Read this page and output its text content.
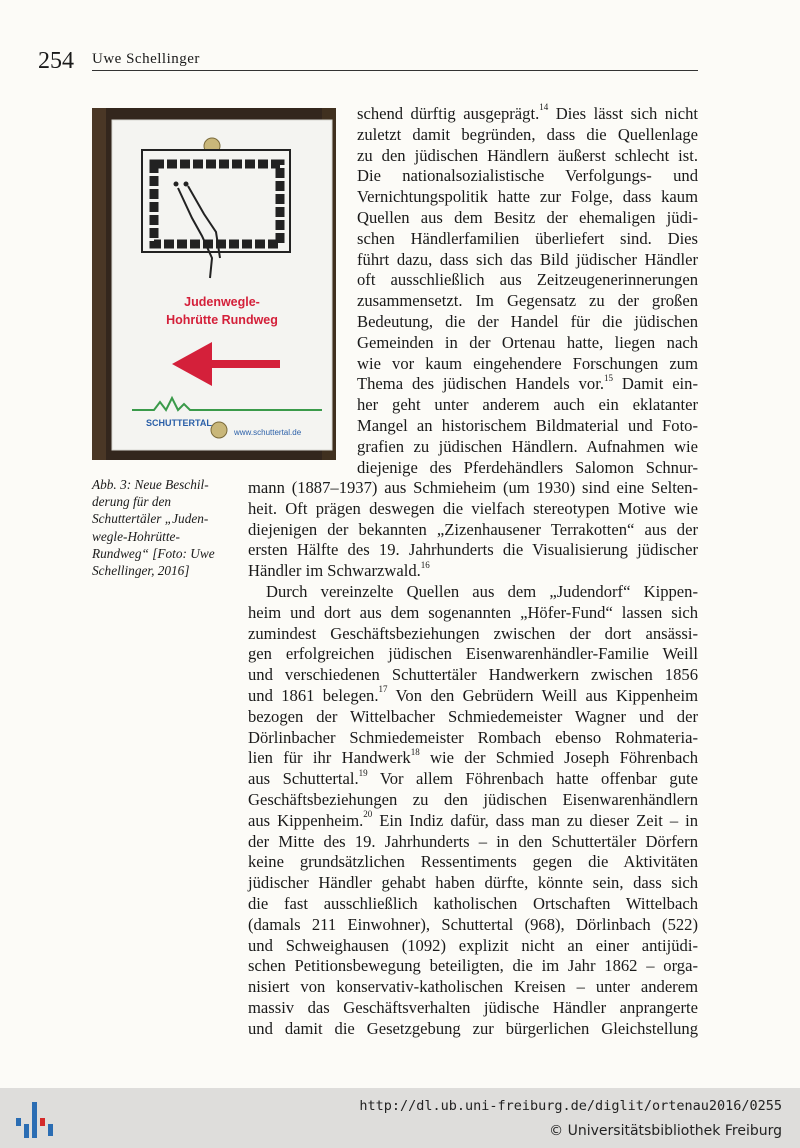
254 Uwe Schellinger
Judenwegle-
Hohrütte Rundweg
SCHUTTERTAL
www.schuttertal.de
Abb. 3: Neue Beschil-
derung für den
Schuttertäler „Juden-
wegle-Hohrütte-
Rundweg“ [Foto: Uwe
Schellinger, 2016]
schend dürftig ausgeprägt.$^{14}$ Dies lässt sich nicht
zuletzt damit begründen, dass die Quellenlage
zu den jüdischen Händlern äußerst schlecht ist.
Die nationalsozialistische Verfolgungs- und
Vernichtungspolitik hatte zur Folge, dass kaum
Quellen aus dem Besitz der ehemaligen jüdi-
schen Händlerfamilien überliefert sind. Dies
führt dazu, dass sich das Bild jüdischer Händler
oft ausschließlich aus Zeitzeugenerinnerungen
zusammensetzt. Im Gegensatz zu der großen
Bedeutung, die der Handel für die jüdischen
Gemeinden in der Ortenau hatte, liegen nach
wie vor kaum eingehendere Forschungen zum
Thema des jüdischen Handels vor.$^{15}$ Damit ein-
her geht unter anderem auch ein eklatanter
Mangel an historischem Bildmaterial und Foto-
grafien zu jüdischen Händlern. Aufnahmen wie
diejenige des Pferdehändlers Salomon Schnur-
mann (1887–1937) aus Schmieheim (um 1930) sind eine Selten-
heit. Oft prägen deswegen die vielfach stereotypen Motive wie
diejenigen der bekannten „Zizenhausener Terrakotten“ aus der
ersten Hälfte des 19. Jahrhunderts die Visualisierung jüdischer
Händler im Schwarzwald.$^{16}$
Durch vereinzelte Quellen aus dem „Judendorf“ Kippen-
heim und dort aus dem sogenannten „Höfer-Fund“ lassen sich
zumindest Geschäftsbeziehungen zwischen der dort ansässi-
gen erfolgreichen jüdischen Eisenwarenhändler-Familie Weill
und verschiedenen Schuttertäler Handwerkern zwischen 1856
und 1861 belegen.$^{17}$ Von den Gebrüdern Weill aus Kippenheim
bezogen der Wittelbacher Schmiedemeister Wagner und der
Dörlinbacher Schmiedemeister Rombach ebenso Rohmateria-
lien für ihr Handwerk$^{18}$ wie der Schmied Joseph Föhrenbach
aus Schuttertal.$^{19}$ Vor allem Föhrenbach hatte offenbar gute
Geschäftsbeziehungen zu den jüdischen Eisenwarenhändlern
aus Kippenheim.$^{20}$ Ein Indiz dafür, dass man zu dieser Zeit – in
der Mitte des 19. Jahrhunderts – in den Schuttertäler Dörfern
keine grundsätzlichen Ressentiments gegen die Aktivitäten
jüdischer Händler gehabt haben dürfte, könnte sein, dass sich
die fast ausschließlich katholischen Ortschaften Wittelbach
(damals 211 Einwohner), Schuttertal (968), Dörlinbach (522)
und Schweighausen (1092) explizit nicht an einer antijüdi-
schen Petitionsbewegung beteiligten, die im Jahr 1862 – orga-
nisiert von konservativ-katholischen Kreisen – unter anderem
massiv das Geschäftsverhalten jüdische Händler anprangerte
und damit die Gesetzgebung zur bürgerlichen Gleichstellung
http://dl.ub.uni-freiburg.de/diglit/ortenau2016/0255
© Universitätsbibliothek Freiburg
